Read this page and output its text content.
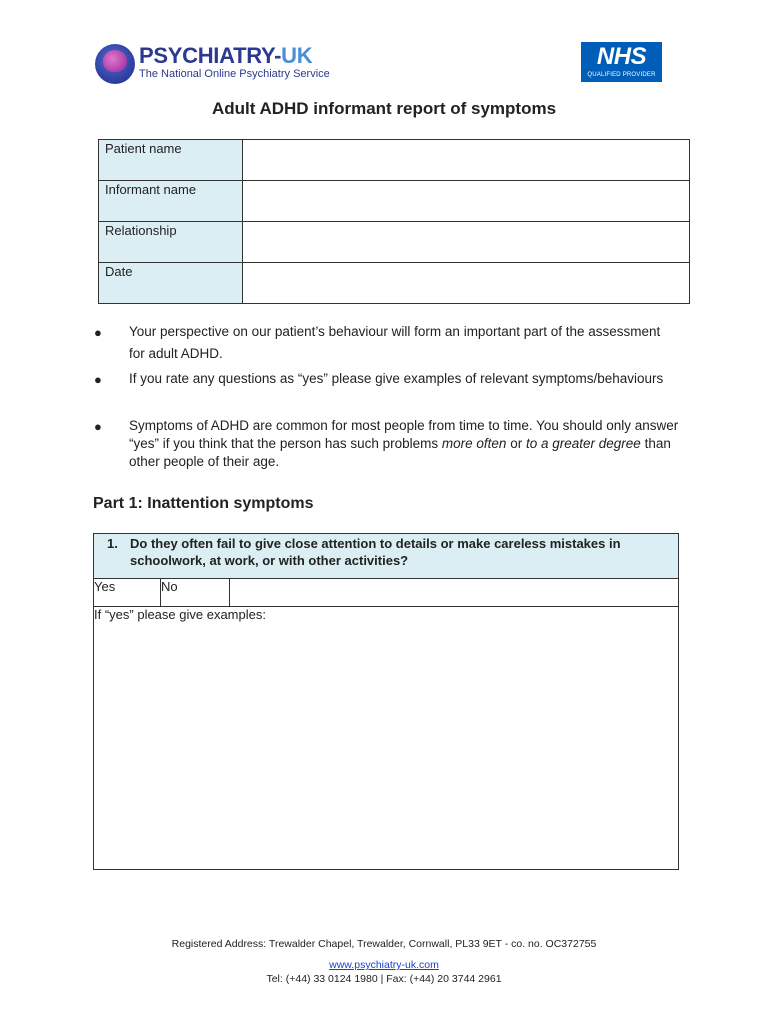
PSYCHIATRY-UK
The National Online Psychiatry Service
NHS
QUALIFIED PROVIDER
Adult ADHD informant report of symptoms
Patient name	
Informant name	
Relationship	
Date	
● Your perspective on our patient’s behaviour will form an important part of the assessment for adult ADHD.
● If you rate any questions as “yes” please give examples of relevant symptoms/behaviours
● Symptoms of ADHD are common for most people from time to time. You should only answer “yes” if you think that the person has such problems more often or to a greater degree than other people of their age.
Part 1: Inattention symptoms
1. Do they often fail to give close attention to details or make careless mistakes in schoolwork, at work, or with other activities?

Yes	No	
If “yes” please give examples:
Registered Address: Trewalder Chapel, Trewalder, Cornwall, PL33 9ET - co. no. OC372755
www.psychiatry-uk.com
Tel: (+44) 33 0124 1980 | Fax: (+44) 20 3744 2961
